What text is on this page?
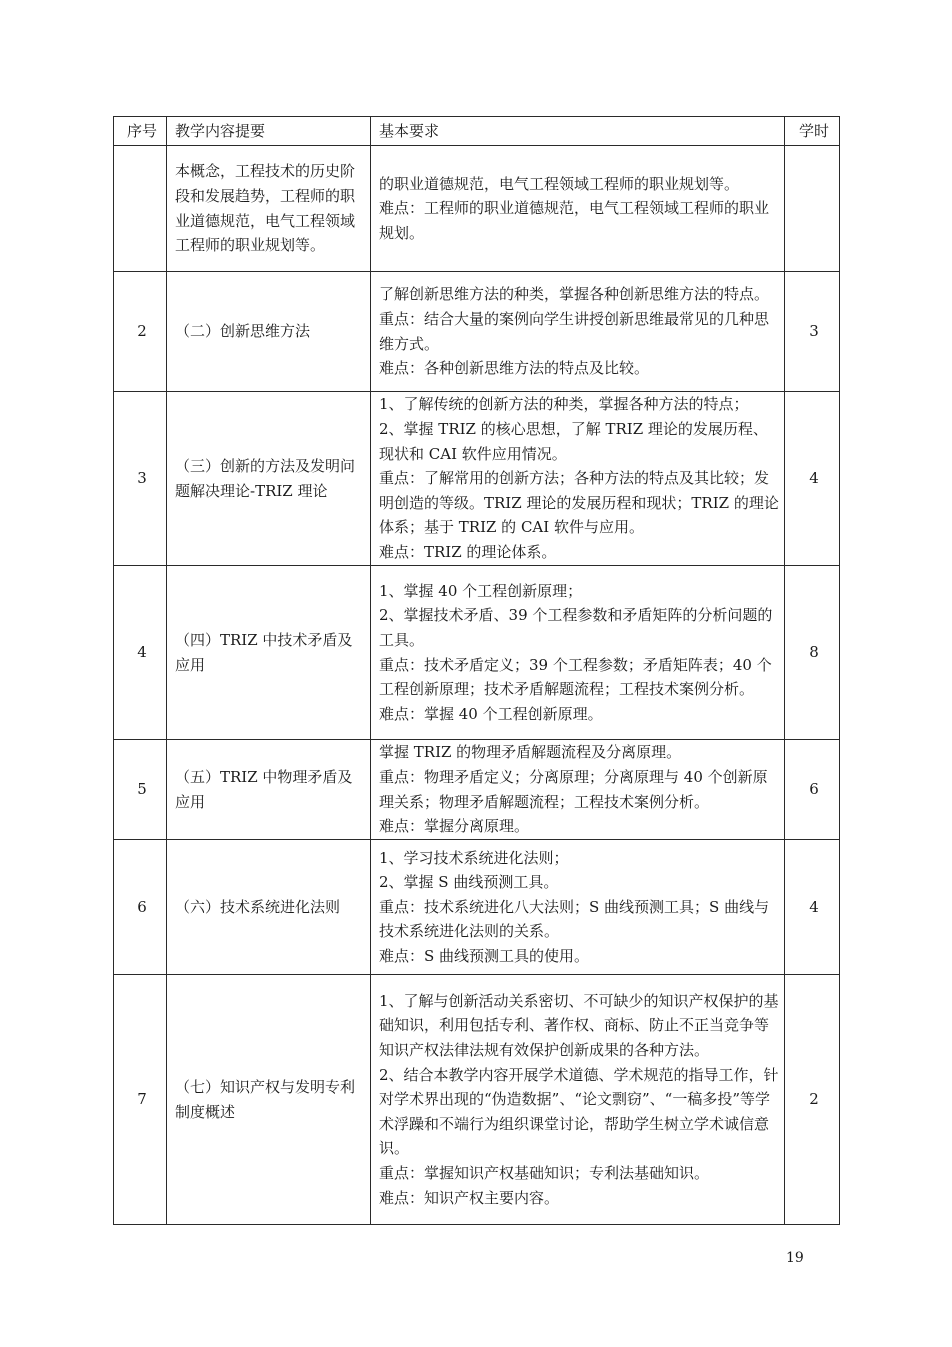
序号	教学内容提要	基本要求	学时
	本概念，工程技术的历史阶段和发展趋势，工程师的职业道德规范，电气工程领域工程师的职业规划等。	的职业道德规范，电气工程领域工程师的职业规划等。
难点：工程师的职业道德规范，电气工程领域工程师的职业规划。	

2	（二）创新思维方法	了解创新思维方法的种类，掌握各种创新思维方法的特点。
重点：结合大量的案例向学生讲授创新思维最常见的几种思维方式。
难点：各种创新思维方法的特点及比较。	3
3	（三）创新的方法及发明问题解决理论-TRIZ 理论	1、了解传统的创新方法的种类，掌握各种方法的特点；
2、掌握 TRIZ 的核心思想，了解 TRIZ 理论的发展历程、现状和 CAI 软件应用情况。
重点：了解常用的创新方法；各种方法的特点及其比较；发明创造的等级。TRIZ 理论的发展历程和现状；TRIZ 的理论体系；基于 TRIZ 的 CAI 软件与应用。
难点：TRIZ 的理论体系。	4
4	（四）TRIZ 中技术矛盾及应用	1、掌握 40 个工程创新原理；
2、掌握技术矛盾、39 个工程参数和矛盾矩阵的分析问题的工具。
重点：技术矛盾定义；39 个工程参数；矛盾矩阵表；40 个工程创新原理；技术矛盾解题流程；工程技术案例分析。
难点：掌握 40 个工程创新原理。	8
5	（五）TRIZ 中物理矛盾及应用	掌握 TRIZ 的物理矛盾解题流程及分离原理。
重点：物理矛盾定义；分离原理；分离原理与 40 个创新原理关系；物理矛盾解题流程；工程技术案例分析。
难点：掌握分离原理。	6
6	（六）技术系统进化法则	1、学习技术系统进化法则；
2、掌握 S 曲线预测工具。
重点：技术系统进化八大法则；S 曲线预测工具；S 曲线与技术系统进化法则的关系。
难点：S 曲线预测工具的使用。	4
7	（七）知识产权与发明专利制度概述	1、了解与创新活动关系密切、不可缺少的知识产权保护的基础知识，利用包括专利、著作权、商标、防止不正当竞争等知识产权法律法规有效保护创新成果的各种方法。
2、结合本教学内容开展学术道德、学术规范的指导工作，针对学术界出现的“伪造数据”、“论文剽窃”、“一稿多投”等学术浮躁和不端行为组织课堂讨论，帮助学生树立学术诚信意识。
重点：掌握知识产权基础知识；专利法基础知识。
难点：知识产权主要内容。	2
19
